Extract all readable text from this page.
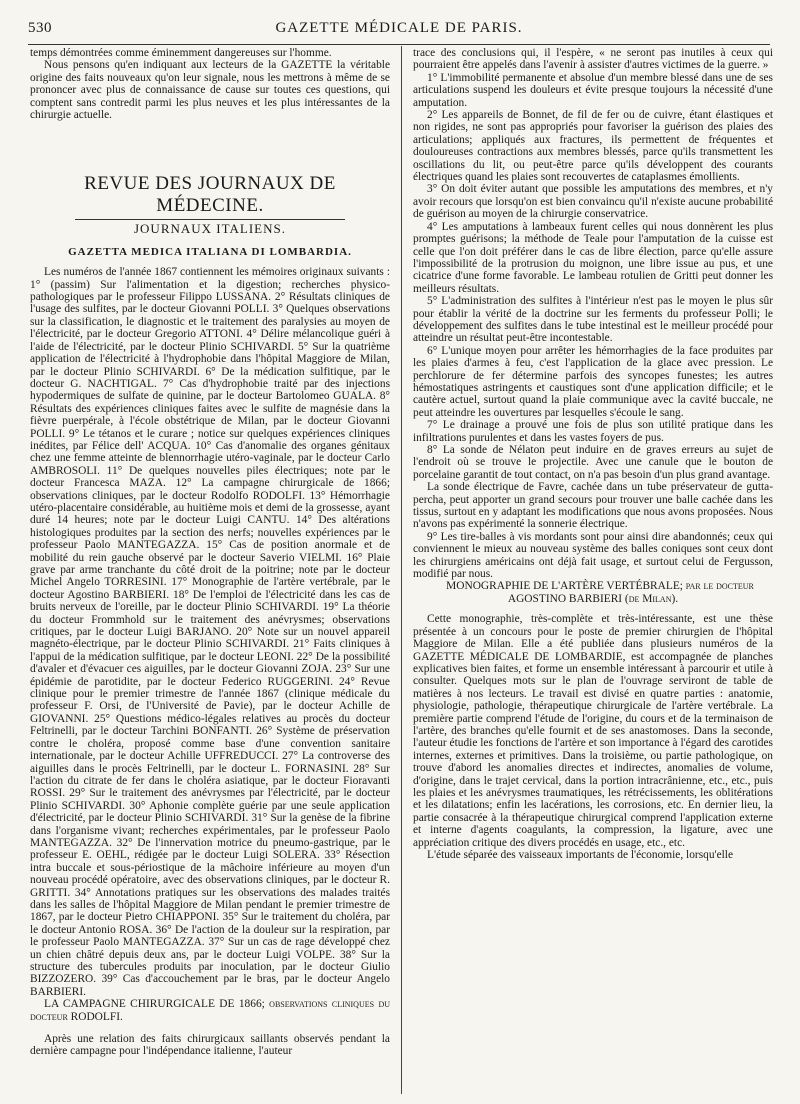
530	GAZETTE MÉDICALE DE PARIS.

temps démontrées comme éminemment dangereuses sur l'homme.

Nous pensons qu'en indiquant aux lecteurs de la GAZETTE la véritable origine des faits nouveaux qu'on leur signale, nous les mettrons à même de se prononcer avec plus de connaissance de cause sur toutes ces questions, qui comptent sans contredit parmi les plus neuves et les plus intéressantes de la chirurgie actuelle.

REVUE DES JOURNAUX DE MÉDECINE.
JOURNAUX ITALIENS.
GAZETTA MEDICA ITALIANA DI LOMBARDIA.

Les numéros de l'année 1867 contiennent les mémoires originaux suivants : 1° (passim) Sur l'alimentation et la digestion; recherches physico-pathologiques par le professeur Filippo LUSSANA. 2° Résultats cliniques de l'usage des sulfites, par le docteur Giovanni POLLI. 3° Quelques observations sur la classification, le diagnostic et le traitement des paralysies au moyen de l'électricité, par le docteur Gregorio ATTONI. 4° Délire mélancolique guéri à l'aide de l'électricité, par le docteur Plinio SCHIVARDI. 5° Sur la quatrième application de l'électricité à l'hydrophobie dans l'hôpital Maggiore de Milan, par le docteur Plinio SCHIVARDI. 6° De la médication sulfitique, par le docteur G. NACHTIGAL. 7° Cas d'hydrophobie traité par des injections hypodermiques de sulfate de quinine, par le docteur Bartolomeo GUALA. 8° Résultats des expériences cliniques faites avec le sulfite de magnésie dans la fièvre puerpérale, à l'école obstétrique de Milan, par le docteur Giovanni POLLI. 9° Le tétanos et le curare ; notice sur quelques expériences cliniques inédites, par Félice dell' ACQUA. 10° Cas d'anomalie des organes génitaux chez une femme atteinte de blennorrhagie utéro-vaginale, par le docteur Carlo AMBROSOLI. 11° De quelques nouvelles piles électriques; note par le docteur Francesca MAZA. 12° La campagne chirurgicale de 1866; observations cliniques, par le docteur Rodolfo RODOLFI. 13° Hémorrhagie utéro-placentaire considérable, au huitième mois et demi de la grossesse, ayant duré 14 heures; note par le docteur Luigi CANTU. 14° Des altérations histologiques produites par la section des nerfs; nouvelles expériences par le professeur Paolo MANTEGAZZA. 15° Cas de position anormale et de mobilité du rein gauche observé par le docteur Saverio VIELMI. 16° Plaie grave par arme tranchante du côté droit de la poitrine; note par le docteur Michel Angelo TORRESINI. 17° Monographie de l'artère vertébrale, par le docteur Agostino BARBIERI. 18° De l'emploi de l'électricité dans les cas de bruits nerveux de l'oreille, par le docteur Plinio SCHIVARDI. 19° La théorie du docteur Frommhold sur le traitement des anévrysmes; observations critiques, par le docteur Luigi BARJANO. 20° Note sur un nouvel appareil magnéto-électrique, par le docteur Plinio SCHIVARDI. 21° Faits cliniques à l'appui de la médication sulfitique, par le docteur LEONI. 22° De la possibilité d'avaler et d'évacuer ces aiguilles, par le docteur Giovanni ZOJA. 23° Sur une épidémie de parotidite, par le docteur Federico RUGGERINI. 24° Revue clinique pour le premier trimestre de l'année 1867 (clinique médicale du professeur F. Orsi, de l'Université de Pavie), par le docteur Achille de GIOVANNI. 25° Questions médico-légales relatives au procès du docteur Feltrinelli, par le docteur Tarchini BONFANTI. 26° Système de préservation contre le choléra, proposé comme base d'une convention sanitaire internationale, par le docteur Achille UFFREDUCCI. 27° La controverse des aiguilles dans le procès Feltrinelli, par le docteur L. FORNASINI. 28° Sur l'action du citrate de fer dans le choléra asiatique, par le docteur Fioravanti ROSSI. 29° Sur le traitement des anévrysmes par l'électricité, par le docteur Plinio SCHIVARDI. 30° Aphonie complète guérie par une seule application d'électricité, par le docteur Plinio SCHIVARDI. 31° Sur la genèse de la fibrine dans l'organisme vivant; recherches expérimentales, par le professeur Paolo MANTEGAZZA. 32° De l'innervation motrice du pneumo-gastrique, par le professeur E. OEHL, rédigée par le docteur Luigi SOLERA. 33° Résection intra buccale et sous-périostique de la mâchoire inférieure au moyen d'un nouveau procédé opératoire, avec des observations cliniques, par le docteur R. GRITTI. 34° Annotations pratiques sur les observations des malades traités dans les salles de l'hôpital Maggiore de Milan pendant le premier trimestre de 1867, par le docteur Pietro CHIAPPONI. 35° Sur le traitement du choléra, par le docteur Antonio ROSA. 36° De l'action de la douleur sur la respiration, par le professeur Paolo MANTEGAZZA. 37° Sur un cas de rage développé chez un chien châtré depuis deux ans, par le docteur Luigi VOLPE. 38° Sur la structure des tubercules produits par inoculation, par le docteur Giulio BIZZOZERO. 39° Cas d'accouchement par le bras, par le docteur Angelo BARBIERI.

LA CAMPAGNE CHIRURGICALE DE 1866; observations cliniques du docteur RODOLFI.

Après une relation des faits chirurgicaux saillants observés pendant la dernière campagne pour l'indépendance italienne, l'auteur

trace des conclusions qui, il l'espère, « ne seront pas inutiles à ceux qui pourraient être appelés dans l'avenir à assister d'autres victimes de la guerre. »

1° L'immobilité permanente et absolue d'un membre blessé dans une de ses articulations suspend les douleurs et évite presque toujours la nécessité d'une amputation.

2° Les appareils de Bonnet, de fil de fer ou de cuivre, étant élastiques et non rigides, ne sont pas appropriés pour favoriser la guérison des plaies des articulations; appliqués aux fractures, ils permettent de fréquentes et douloureuses contractions aux membres blessés, parce qu'ils transmettent les oscillations du lit, ou peut-être parce qu'ils développent des courants électriques quand les plaies sont recouvertes de cataplasmes émollients.

3° On doit éviter autant que possible les amputations des membres, et n'y avoir recours que lorsqu'on est bien convaincu qu'il n'existe aucune probabilité de guérison au moyen de la chirurgie conservatrice.

4° Les amputations à lambeaux furent celles qui nous donnèrent les plus promptes guérisons; la méthode de Teale pour l'amputation de la cuisse est celle que l'on doit préférer dans le cas de libre élection, parce qu'elle assure l'impossibilité de la protrusion du moignon, une libre issue au pus, et une cicatrice d'une forme favorable. Le lambeau rotulien de Gritti peut donner les meilleurs résultats.

5° L'administration des sulfites à l'intérieur n'est pas le moyen le plus sûr pour établir la vérité de la doctrine sur les ferments du professeur Polli; le développement des sulfites dans le tube intestinal est le meilleur procédé pour atteindre un résultat peut-être incontestable.

6° L'unique moyen pour arrêter les hémorrhagies de la face produites par les plaies d'armes à feu, c'est l'application de la glace avec pression. Le perchlorure de fer détermine parfois des syncopes funestes; les autres hémostatiques astringents et caustiques sont d'une application difficile; et le cautère actuel, surtout quand la plaie communique avec la cavité buccale, ne peut atteindre les ouvertures par lesquelles s'écoule le sang.

7° Le drainage a prouvé une fois de plus son utilité pratique dans les infiltrations purulentes et dans les vastes foyers de pus.

8° La sonde de Nélaton peut induire en de graves erreurs au sujet de l'endroit où se trouve le projectile. Avec une canule que le bouton de porcelaine garantit de tout contact, on n'a pas besoin d'un plus grand avantage.

La sonde électrique de Favre, cachée dans un tube préservateur de gutta-percha, peut apporter un grand secours pour trouver une balle cachée dans les tissus, surtout en y adaptant les modifications que nous avons proposées. Nous n'avons pas expérimenté la sonnerie électrique.

9° Les tire-balles à vis mordants sont pour ainsi dire abandonnés; ceux qui conviennent le mieux au nouveau système des balles coniques sont ceux dont les chirurgiens américains ont déjà fait usage, et surtout celui de Fergusson, modifié par nous.

MONOGRAPHIE DE L'ARTÈRE VERTÉBRALE; par le docteur AGOSTINO BARBIERI (de Milan).

Cette monographie, très-complète et très-intéressante, est une thèse présentée à un concours pour le poste de premier chirurgien de l'hôpital Maggiore de Milan. Elle a été publiée dans plusieurs numéros de la GAZETTE MÉDICALE DE LOMBARDIE, est accompagnée de planches explicatives bien faites, et forme un ensemble intéressant à parcourir et utile à consulter. Quelques mots sur le plan de l'ouvrage serviront de table de matières à nos lecteurs. Le travail est divisé en quatre parties : anatomie, physiologie, pathologie, thérapeutique chirurgicale de l'artère vertébrale. La première partie comprend l'étude de l'origine, du cours et de la terminaison de l'artère, des branches qu'elle fournit et de ses anastomoses. Dans la seconde, l'auteur étudie les fonctions de l'artère et son importance à l'égard des carotides internes, externes et primitives. Dans la troisième, ou partie pathologique, on trouve d'abord les anomalies directes et indirectes, anomalies de volume, d'origine, dans le trajet cervical, dans la portion intracrânienne, etc., etc., puis les plaies et les anévrysmes traumatiques, les rétrécissements, les oblitérations et les dilatations; enfin les lacérations, les corrosions, etc. En dernier lieu, la partie consacrée à la thérapeutique chirurgical comprend l'application externe et interne d'agents coagulants, la compression, la ligature, avec une appréciation critique des divers procédés en usage, etc., etc.

L'étude séparée des vaisseaux importants de l'économie, lorsqu'elle
